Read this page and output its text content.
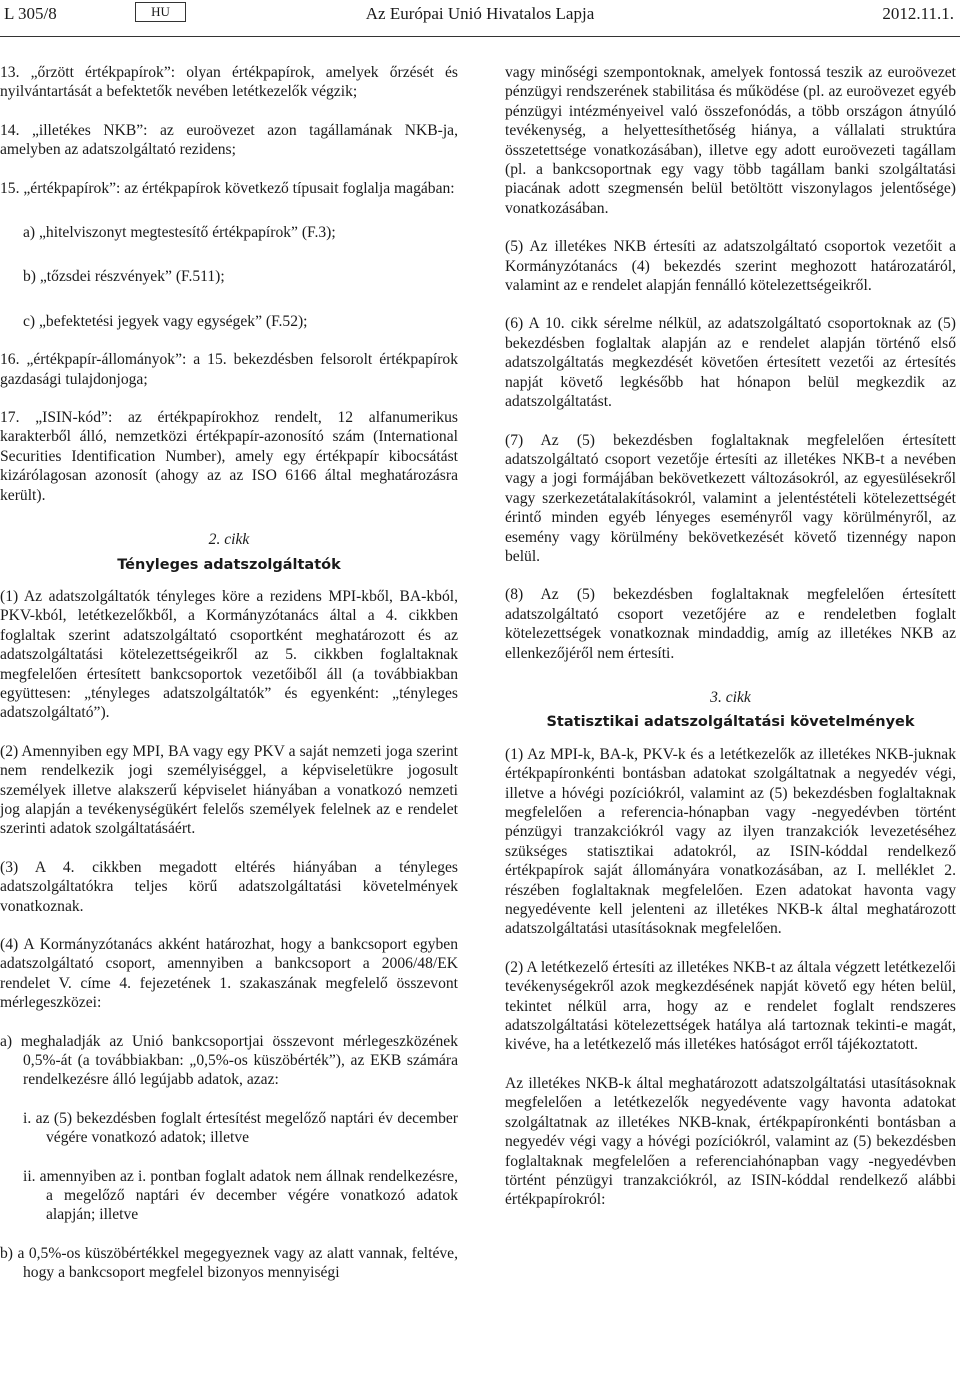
L 305/8	HU	Az Európai Unió Hivatalos Lapja	2012.11.1.

13. „őrzött értékpapírok”: olyan értékpapírok, amelyek őrzését és nyilvántartását a befektetők nevében letétkezelők végzik;

14. „illetékes NKB”: az euroövezet azon tagállamának NKB-ja, amelyben az adatszolgáltató rezidens;

15. „értékpapírok”: az értékpapírok következő típusait foglalja magában:

a) „hitelviszonyt megtestesítő értékpapírok” (F.3);

b) „tőzsdei részvények” (F.511);

c) „befektetési jegyek vagy egységek” (F.52);

16. „értékpapír-állományok”: a 15. bekezdésben felsorolt értékpapírok gazdasági tulajdonjoga;

17. „ISIN-kód”: az értékpapírokhoz rendelt, 12 alfanumerikus karakterből álló, nemzetközi értékpapír-azonosító szám (International Securities Identification Number), amely egy értékpapír kibocsátást kizárólagosan azonosít (ahogy az az ISO 6166 által meghatározásra került).

2. cikk

Tényleges adatszolgáltatók

(1) Az adatszolgáltatók tényleges köre a rezidens MPI-kből, BA-kból, PKV-kból, letétkezelőkből, a Kormányzótanács által a 4. cikkben foglaltak szerint adatszolgáltató csoportként meghatározott és az adatszolgáltatási kötelezettségeikről az 5. cikkben foglaltaknak megfelelően értesített bankcsoportok vezetőiből áll (a továbbiakban együttesen: „tényleges adatszolgáltatók” és egyenként: „tényleges adatszolgáltató”).

(2) Amennyiben egy MPI, BA vagy egy PKV a saját nemzeti joga szerint nem rendelkezik jogi személyiséggel, a képviseletükre jogosult személyek illetve alakszerű képviselet hiányában a vonatkozó nemzeti jog alapján a tevékenységükért felelős személyek felelnek az e rendelet szerinti adatok szolgáltatásáért.

(3) A 4. cikkben megadott eltérés hiányában a tényleges adatszolgáltatókra teljes körű adatszolgáltatási követelmények vonatkoznak.

(4) A Kormányzótanács akként határozhat, hogy a bankcsoport egyben adatszolgáltató csoport, amennyiben a bankcsoport a 2006/48/EK rendelet V. címe 4. fejezetének 1. szakaszának megfelelő összevont mérlegeszközei:

a) meghaladják az Unió bankcsoportjai összevont mérlegeszközének 0,5%-át (a továbbiakban: „0,5%-os küszöbérték”), az EKB számára rendelkezésre álló legújabb adatok, azaz:

i. az (5) bekezdésben foglalt értesítést megelőző naptári év december végére vonatkozó adatok; illetve

ii. amennyiben az i. pontban foglalt adatok nem állnak rendelkezésre, a megelőző naptári év december végére vonatkozó adatok alapján; illetve

b) a 0,5%-os küszöbértékkel megegyeznek vagy az alatt vannak, feltéve, hogy a bankcsoport megfelel bizonyos mennyiségi

vagy minőségi szempontoknak, amelyek fontossá teszik az euroövezet pénzügyi rendszerének stabilitása és működése (pl. az euroövezet egyéb pénzügyi intézményeivel való összefonódás, a több országon átnyúló tevékenység, a helyettesíthetőség hiánya, a vállalati struktúra összetettsége vonatkozásában), illetve egy adott euroövezeti tagállam (pl. a bankcsoportnak egy vagy több tagállam banki szolgáltatási piacának adott szegmensén belül betöltött viszonylagos jelentősége) vonatkozásában.

(5) Az illetékes NKB értesíti az adatszolgáltató csoportok vezetőit a Kormányzótanács (4) bekezdés szerint meghozott határozatáról, valamint az e rendelet alapján fennálló kötelezettségeikről.

(6) A 10. cikk sérelme nélkül, az adatszolgáltató csoportoknak az (5) bekezdésben foglaltak alapján az e rendelet alapján történő első adatszolgáltatás megkezdését követően értesített vezetői az értesítés napját követő legkésőbb hat hónapon belül megkezdik az adatszolgáltatást.

(7) Az (5) bekezdésben foglaltaknak megfelelően értesített adatszolgáltató csoport vezetője értesíti az illetékes NKB-t a nevében vagy a jogi formájában bekövetkezett változásokról, az egyesülésekről vagy szerkezetátalakításokról, valamint a jelentéstételi kötelezettségét érintő minden egyéb lényeges eseményről vagy körülményről, az esemény vagy körülmény bekövetkezését követő tizennégy napon belül.

(8) Az (5) bekezdésben foglaltaknak megfelelően értesített adatszolgáltató csoport vezetőjére az e rendeletben foglalt kötelezettségek vonatkoznak mindaddig, amíg az illetékes NKB az ellenkezőjéről nem értesíti.

3. cikk

Statisztikai adatszolgáltatási követelmények

(1) Az MPI-k, BA-k, PKV-k és a letétkezelők az illetékes NKB-juknak értékpapíronkénti bontásban adatokat szolgáltatnak a negyedév végi, illetve a hóvégi pozíciókról, valamint az (5) bekezdésben foglaltaknak megfelelően a referencia-hónapban vagy -negyedévben történt pénzügyi tranzakciókról vagy az ilyen tranzakciók levezetéséhez szükséges statisztikai adatokról, az ISIN-kóddal rendelkező értékpapírok saját állományára vonatkozásában, az I. melléklet 2. részében foglaltaknak megfelelően. Ezen adatokat havonta vagy negyedévente kell jelenteni az illetékes NKB-k által meghatározott adatszolgáltatási utasításoknak megfelelően.

(2) A letétkezelő értesíti az illetékes NKB-t az általa végzett letétkezelői tevékenységekről azok megkezdésének napját követő egy héten belül, tekintet nélkül arra, hogy az e rendelet foglalt rendszeres adatszolgáltatási kötelezettségek hatálya alá tartoznak tekinti-e magát, kivéve, ha a letétkezelő más illetékes hatóságot erről tájékoztatott.

Az illetékes NKB-k által meghatározott adatszolgáltatási utasításoknak megfelelően a letétkezelők negyedévente vagy havonta adatokat szolgáltatnak az illetékes NKB-knak, értékpapíronkénti bontásban a negyedév végi vagy a hóvégi pozíciókról, valamint az (5) bekezdésben foglaltaknak megfelelően a referenciahónapban vagy -negyedévben történt pénzügyi tranzakciókról, az ISIN-kóddal rendelkező alábbi értékpapírokról:
